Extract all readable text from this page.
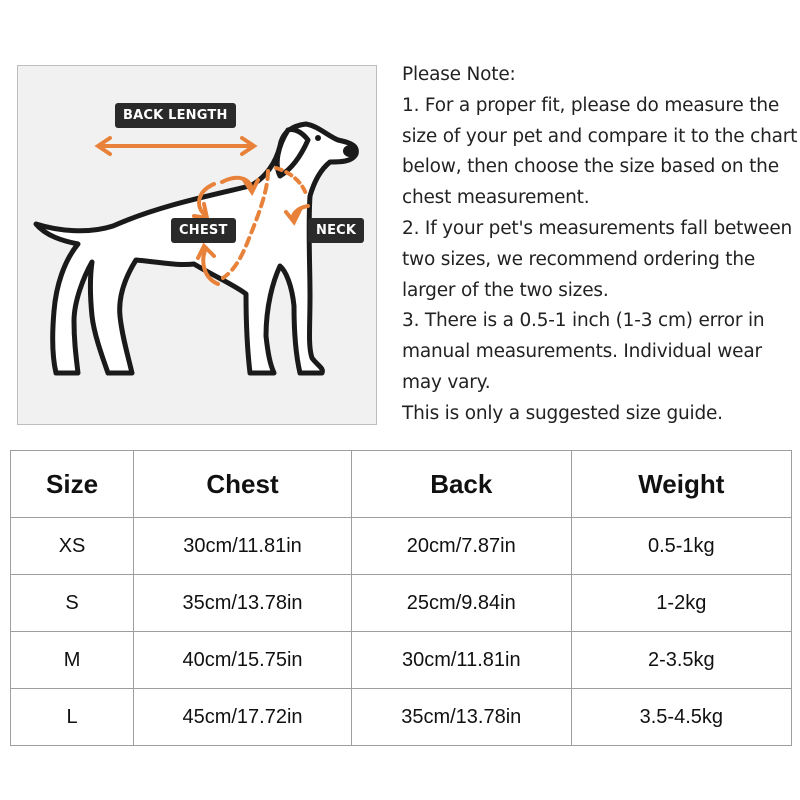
BACK LENGTH
CHEST	NECK

Please Note:

1. For a proper fit, please do measure the

size of your pet and compare it to the chart

below, then choose the size based on the

chest measurement.

2. If your pet's measurements fall between

two sizes, we recommend ordering the

larger of the two sizes.

3. There is a 0.5-1 inch (1-3 cm) error in

manual measurements. Individual wear

may vary.

This is only a suggested size guide.

Size	Chest	Back	Weight
XS	30cm/11.81in	20cm/7.87in	0.5-1kg
S	35cm/13.78in	25cm/9.84in	1-2kg
M	40cm/15.75in	30cm/11.81in	2-3.5kg
L	45cm/17.72in	35cm/13.78in	3.5-4.5kg
